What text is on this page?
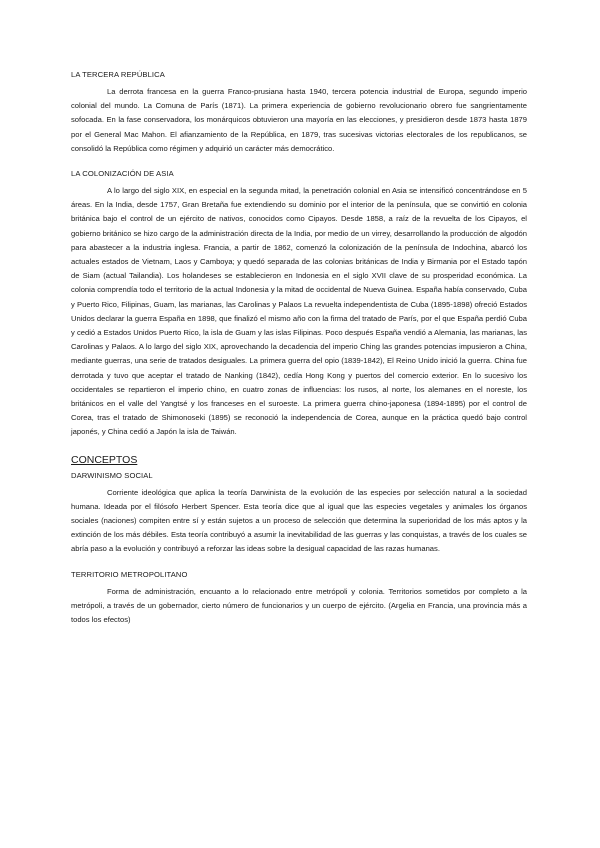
LA TERCERA REPÚBLICA

La derrota francesa en la guerra Franco-prusiana hasta 1940, tercera potencia industrial de Europa, segundo imperio colonial del mundo. La Comuna de París (1871). La primera experiencia de gobierno revolucionario obrero fue sangrientamente sofocada. En la fase conservadora, los monárquicos obtuvieron una mayoría en las elecciones, y presidieron desde 1873 hasta 1879 por el General Mac Mahon. El afianzamiento de la República, en 1879, tras sucesivas victorias electorales de los republicanos, se consolidó la República como régimen y adquirió un carácter más democrático.

LA COLONIZACIÓN DE ASIA

A lo largo del siglo XIX, en especial en la segunda mitad, la penetración colonial en Asia se intensificó concentrándose en 5 áreas. En la India, desde 1757, Gran Bretaña fue extendiendo su dominio por el interior de la península, que se convirtió en colonia británica bajo el control de un ejército de nativos, conocidos como Cipayos. Desde 1858, a raíz de la revuelta de los Cipayos, el gobierno británico se hizo cargo de la administración directa de la India, por medio de un virrey, desarrollando la producción de algodón para abastecer a la industria inglesa. Francia, a partir de 1862, comenzó la colonización de la península de Indochina, abarcó los actuales estados de Vietnam, Laos y Camboya; y quedó separada de las colonias británicas de India y Birmania por el Estado tapón de Siam (actual Tailandia). Los holandeses se establecieron en Indonesia en el siglo XVII clave de su prosperidad económica. La colonia comprendía todo el territorio de la actual Indonesia y la mitad de occidental de Nueva Guinea. España había conservado, Cuba y Puerto Rico, Filipinas, Guam, las marianas, las Carolinas y Palaos La revuelta independentista de Cuba (1895-1898) ofreció Estados Unidos declarar la guerra España en 1898, que finalizó el mismo año con la firma del tratado de París, por el que España perdió Cuba y cedió a Estados Unidos Puerto Rico, la isla de Guam y las islas Filipinas. Poco después España vendió a Alemania, las marianas, las Carolinas y Palaos. A lo largo del siglo XIX, aprovechando la decadencia del imperio Ching las grandes potencias impusieron a China, mediante guerras, una serie de tratados desiguales. La primera guerra del opio (1839-1842), El Reino Unido inició la guerra. China fue derrotada y tuvo que aceptar el tratado de Nanking (1842), cedía Hong Kong y puertos del comercio exterior. En lo sucesivo los occidentales se repartieron el imperio chino, en cuatro zonas de influencias: los rusos, al norte, los alemanes en el noreste, los británicos en el valle del Yangtsé y los franceses en el suroeste. La primera guerra chino-japonesa (1894-1895) por el control de Corea, tras el tratado de Shimonoseki (1895) se reconoció la independencia de Corea, aunque en la práctica quedó bajo control japonés, y China cedió a Japón la isla de Taiwán.

CONCEPTOS
DARWINISMO SOCIAL

Corriente ideológica que aplica la teoría Darwinista de la evolución de las especies por selección natural a la sociedad humana. Ideada por el filósofo Herbert Spencer. Esta teoría dice que al igual que las especies vegetales y animales los órganos sociales (naciones) compiten entre sí y están sujetos a un proceso de selección que determina la superioridad de los más aptos y la extinción de los más débiles. Esta teoría contribuyó a asumir la inevitabilidad de las guerras y las conquistas, a través de los cuales se abría paso a la evolución y contribuyó a reforzar las ideas sobre la desigual capacidad de las razas humanas.

TERRITORIO METROPOLITANO

Forma de administración, encuanto a lo relacionado entre metrópoli y colonia. Territorios sometidos por completo a la metrópoli, a través de un gobernador, cierto número de funcionarios y un cuerpo de ejército. (Argelia en Francia, una provincia más a todos los efectos)
